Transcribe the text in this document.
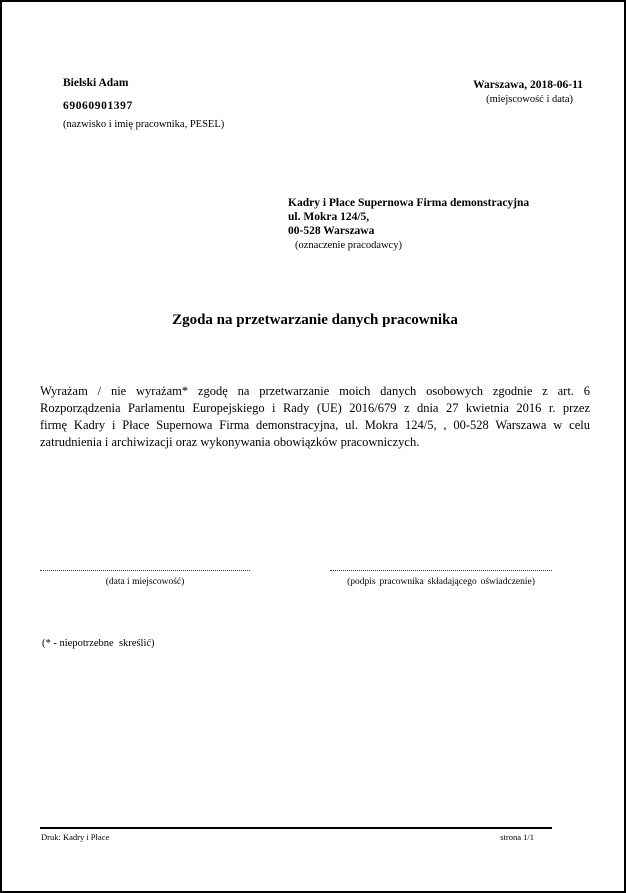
Bielski Adam
69060901397
(nazwisko i imię pracownika, PESEL)
Warszawa, 2018-06-11
(miejscowość i data)
Kadry i Płace Supernowa Firma demonstracyjna
ul. Mokra 124/5,
00-528 Warszawa
(oznaczenie pracodawcy)
Zgoda na przetwarzanie danych pracownika
Wyrażam / nie wyrażam* zgodę na przetwarzanie moich danych osobowych zgodnie z art. 6
Rozporządzenia Parlamentu Europejskiego i Rady (UE) 2016/679 z dnia 27 kwietnia 2016 r. przez
firmę Kadry i Płace Supernowa Firma demonstracyjna, ul. Mokra 124/5, , 00-528 Warszawa w celu
zatrudnienia i archiwizacji oraz wykonywania obowiązków pracowniczych.
(data i miejscowość)	(podpis pracownika składającego oświadczenie)
(* - niepotrzebne  skreślić)
Druk: Kadry i Płace	strona 1/1
